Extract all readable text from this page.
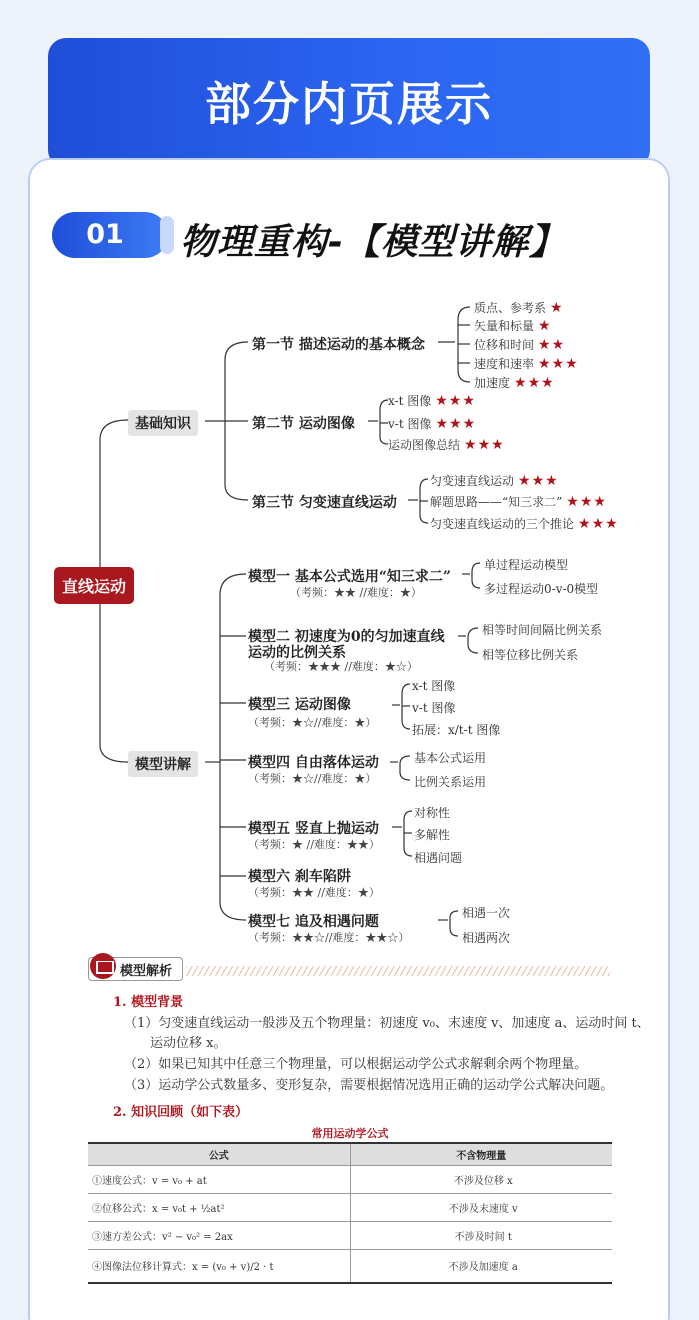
部分内页展示
01	物理重构-【模型讲解】
直线运动
基础知识
第一节 描述运动的基本概念
质点、参考系 ★
矢量和标量 ★
位移和时间 ★★
速度和速率 ★★★
加速度 ★★★
第二节 运动图像
x-t 图像 ★★★
v-t 图像 ★★★
运动图像总结 ★★★
第三节 匀变速直线运动
匀变速直线运动 ★★★
解题思路——“知三求二” ★★★
匀变速直线运动的三个推论 ★★★
模型讲解
模型一 基本公式选用“知三求二”
（考频：★★ //难度：★）
单过程运动模型
多过程运动0-v-0模型
模型二 初速度为0的匀加速直线
运动的比例关系
（考频：★★★ //难度：★☆）
相等时间间隔比例关系
相等位移比例关系
模型三 运动图像
（考频：★☆//难度：★）
x-t 图像
v-t 图像
拓展：x/t-t 图像
模型四 自由落体运动
（考频：★☆//难度：★）
基本公式运用
比例关系运用
模型五 竖直上抛运动
（考频：★ //难度：★★）
对称性
多解性
相遇问题
模型六 刹车陷阱
（考频：★★ //难度：★）
模型七 追及相遇问题
（考频：★★☆//难度：★★☆）
相遇一次
相遇两次
模型解析
1. 模型背景
（1）匀变速直线运动一般涉及五个物理量：初速度 v₀、末速度 v、加速度 a、运动时间 t、
运动位移 x。
（2）如果已知其中任意三个物理量，可以根据运动学公式求解剩余两个物理量。
（3）运动学公式数量多、变形复杂，需要根据情况选用正确的运动学公式解决问题。
2. 知识回顾（如下表）
常用运动学公式
公式	不含物理量
①速度公式：v = v₀ + at	不涉及位移 x
②位移公式：x = v₀t + ½at²	不涉及末速度 v
③速方差公式：v² − v₀² = 2ax	不涉及时间 t
④图像法位移计算式：x = (v₀ + v)/2 · t	不涉及加速度 a
